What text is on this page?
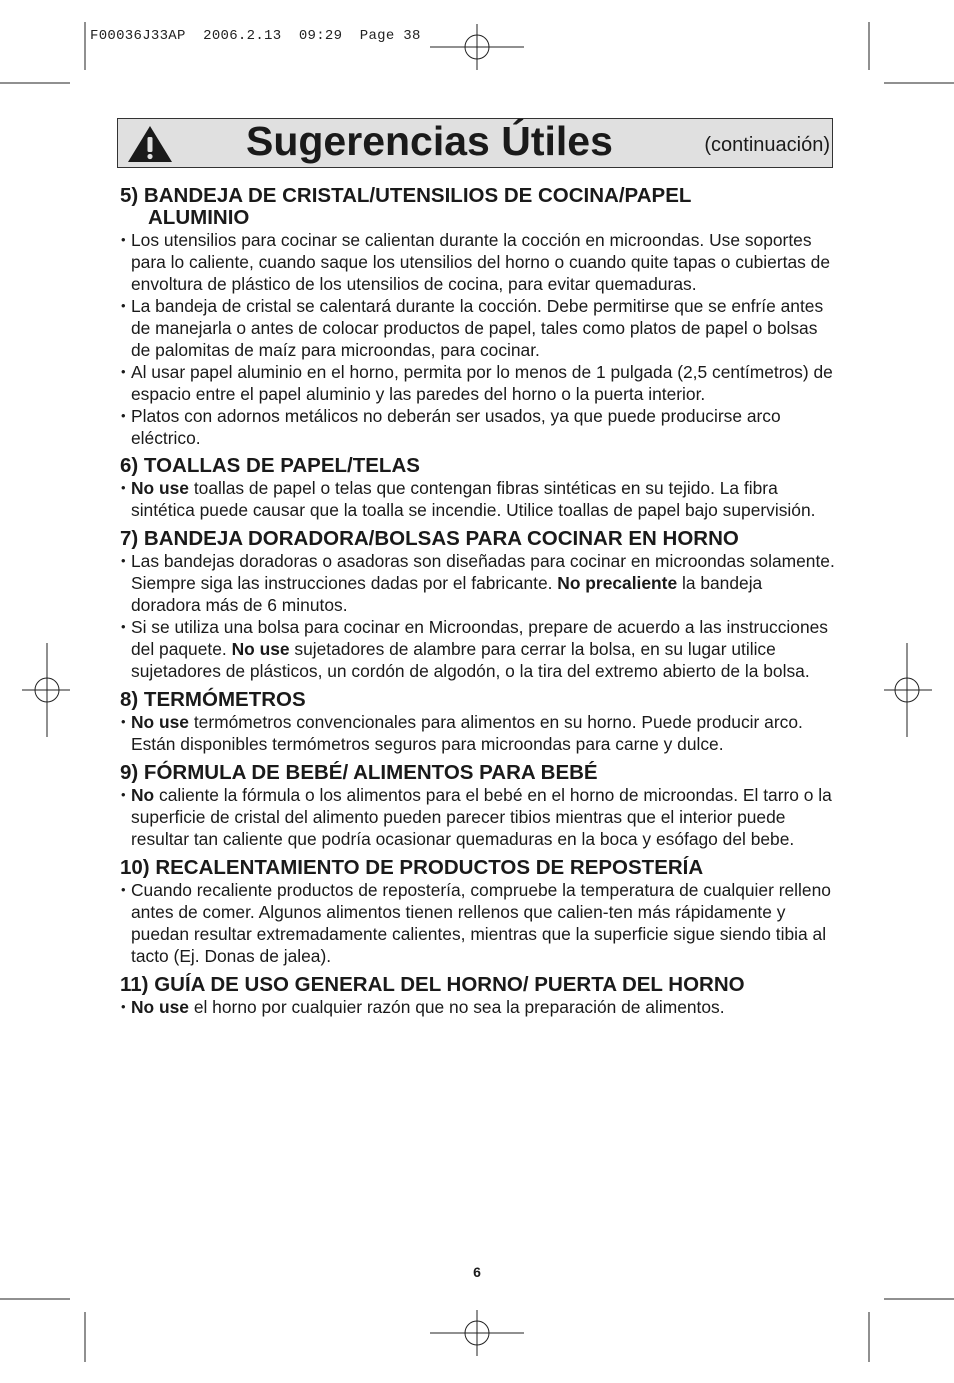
F00036J33AP  2006.2.13  09:29  Page 38
Sugerencias Útiles	(continuación)
5) BANDEJA DE CRISTAL/UTENSILIOS DE COCINA/PAPEL
ALUMINIO
• Los utensilios para cocinar se calientan durante la cocción en microondas. Use soportes para lo caliente, cuando saque los utensilios del horno o cuando quite tapas o cubiertas de envoltura de plástico de los utensilios de cocina, para evitar quemaduras.
• La bandeja de cristal se calentará durante la cocción. Debe permitirse que se enfríe antes de manejarla o antes de colocar productos de papel, tales como platos de papel o bolsas de palomitas de maíz para microondas, para cocinar.
• Al usar papel aluminio en el horno, permita por lo menos de 1 pulgada (2,5 centímetros) de espacio entre el papel aluminio y las paredes del horno o la puerta interior.
• Platos con adornos metálicos no deberán ser usados, ya que puede producirse arco eléctrico.
6) TOALLAS DE PAPEL/TELAS
• No use toallas de papel o telas que contengan fibras sintéticas en su tejido. La fibra sintética puede causar que la toalla se incendie. Utilice toallas de papel bajo supervisión.
7) BANDEJA DORADORA/BOLSAS PARA COCINAR EN HORNO
• Las bandejas doradoras o asadoras son diseñadas para cocinar en microondas solamente. Siempre siga las instrucciones dadas por el fabricante. No precaliente la bandeja doradora más de 6 minutos.
• Si se utiliza una bolsa para cocinar en Microondas, prepare de acuerdo a las instrucciones del paquete. No use sujetadores de alambre para cerrar la bolsa, en su lugar utilice sujetadores de plásticos, un cordón de algodón, o la tira del extremo abierto de la bolsa.
8) TERMÓMETROS
• No use termómetros convencionales para alimentos en su horno. Puede producir arco. Están disponibles termómetros seguros para microondas para carne y dulce.
9) FÓRMULA DE BEBÉ/ ALIMENTOS PARA BEBÉ
• No caliente la fórmula o los alimentos para el bebé en el horno de microondas. El tarro o la superficie de cristal del alimento pueden parecer tibios mientras que el interior puede resultar tan caliente que podría ocasionar quemaduras en la boca y esófago del bebe.
10) RECALENTAMIENTO DE PRODUCTOS DE REPOSTERÍA
• Cuando recaliente productos de repostería, compruebe la temperatura de cualquier relleno antes de comer. Algunos alimentos tienen rellenos que calien-ten más rápidamente y puedan resultar extremadamente calientes, mientras que la superficie sigue siendo tibia al tacto (Ej. Donas de jalea).
11) GUÍA DE USO GENERAL DEL HORNO/ PUERTA DEL HORNO
• No use el horno por cualquier razón que no sea la preparación de alimentos.
6
